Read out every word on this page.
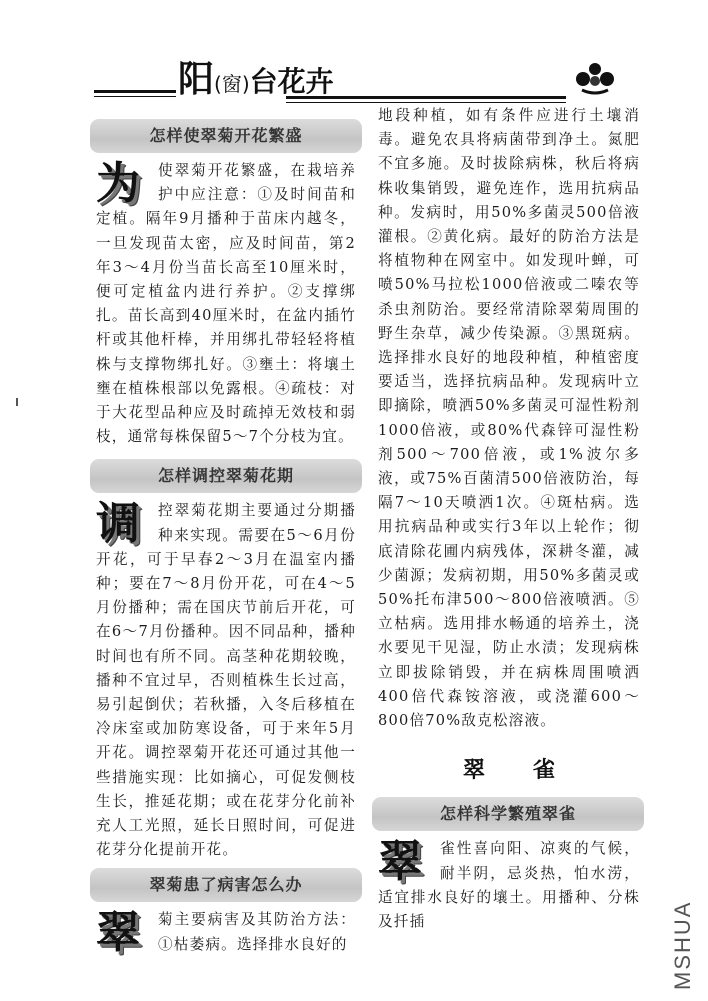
阳(窗)台花卉
怎样使翠菊开花繁盛

为	使翠菊开花繁盛，在栽培养护中应注意：①及时间苗和定植。隔年9月播种于苗床内越冬，一旦发现苗太密，应及时间苗，第2年3～4月份当苗长高至10厘米时，便可定植盆内进行养护。②支撑绑扎。苗长高到40厘米时，在盆内插竹杆或其他杆棒，并用绑扎带轻轻将植株与支撑物绑扎好。③壅土：将壤土壅在植株根部以免露根。④疏枝：对于大花型品种应及时疏掉无效枝和弱枝，通常每株保留5～7个分枝为宜。

怎样调控翠菊花期

调	控翠菊花期主要通过分期播种来实现。需要在5～6月份开花，可于早春2～3月在温室内播种；要在7～8月份开花，可在4～5月份播种；需在国庆节前后开花，可在6～7月份播种。因不同品种，播种时间也有所不同。高茎种花期较晚，播种不宜过早，否则植株生长过高，易引起倒伏；若秋播，入冬后移植在冷床室或加防寒设备，可于来年5月开花。调控翠菊开花还可通过其他一些措施实现：比如摘心，可促发侧枝生长，推延花期；或在花芽分化前补充人工光照，延长日照时间，可促进花芽分化提前开花。

翠菊患了病害怎么办

翠	菊主要病害及其防治方法：①枯萎病。选择排水良好的

地段种植，如有条件应进行土壤消毒。避免农具将病菌带到净土。氮肥不宜多施。及时拔除病株，秋后将病株收集销毁，避免连作，选用抗病品种。发病时，用50%多菌灵500倍液灌根。②黄化病。最好的防治方法是将植物种在网室中。如发现叶蝉，可喷50%马拉松1000倍液或二嗪农等杀虫剂防治。要经常清除翠菊周围的野生杂草，减少传染源。③黑斑病。选择排水良好的地段种植，种植密度要适当，选择抗病品种。发现病叶立即摘除，喷洒50%多菌灵可湿性粉剂1000倍液，或80%代森锌可湿性粉剂500～700倍液，或1%波尔多液，或75%百菌清500倍液防治，每隔7～10天喷洒1次。④斑枯病。选用抗病品种或实行3年以上轮作；彻底清除花圃内病残体，深耕冬灌，减少菌源；发病初期，用50%多菌灵或50%托布津500～800倍液喷洒。⑤立枯病。选用排水畅通的培养土，浇水要见干见湿，防止水渍；发现病株立即拔除销毁，并在病株周围喷洒400倍代森铵溶液，或浇灌600～800倍70%敌克松溶液。

翠雀
怎样科学繁殖翠雀

翠	雀性喜向阳、凉爽的气候，耐半阴，忌炎热，怕水涝，适宜排水良好的壤土。用播种、分株及扦插	MSHUA
